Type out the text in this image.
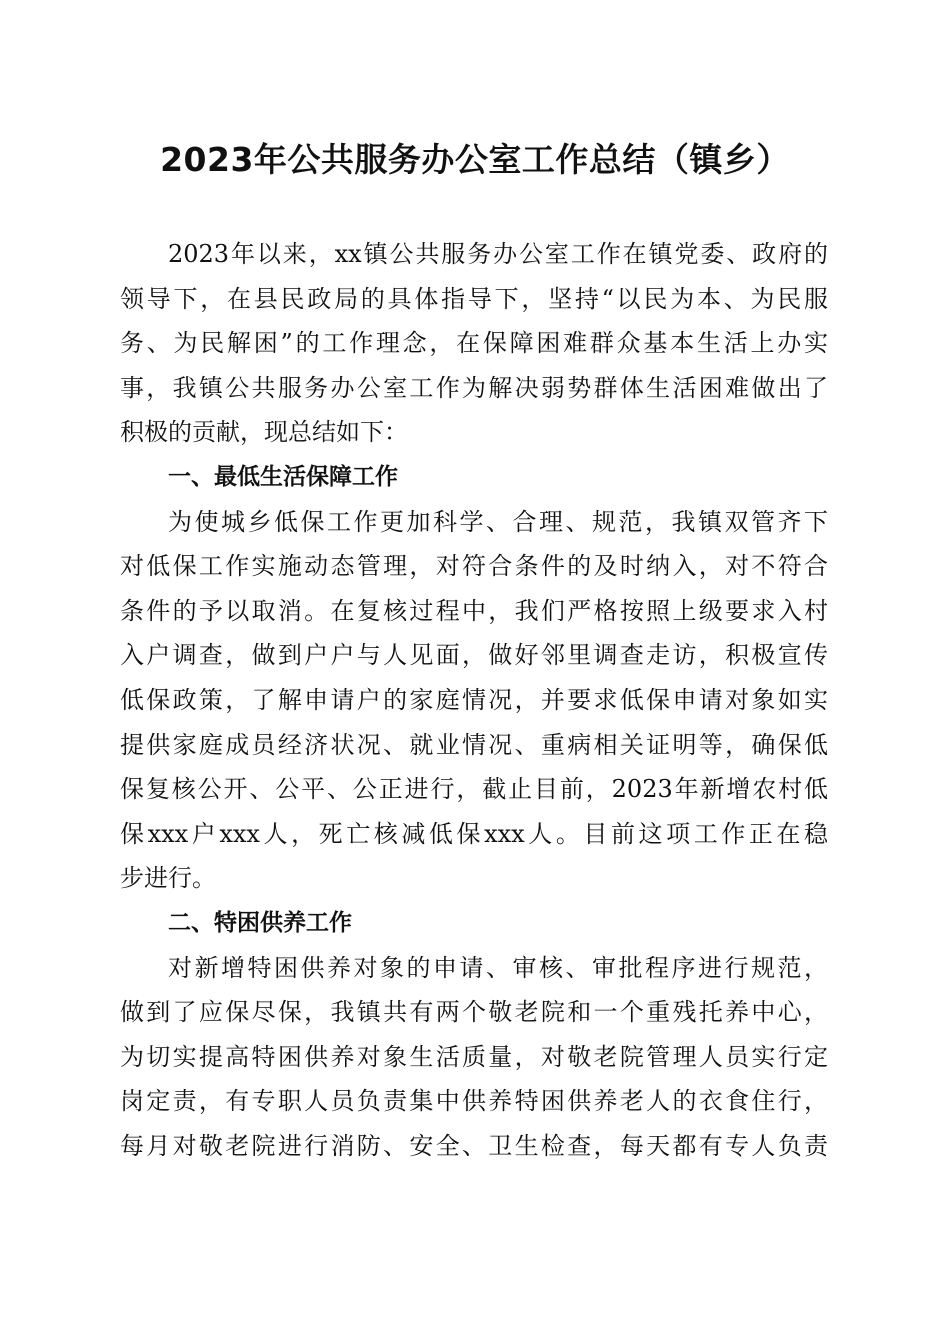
2023年公共服务办公室工作总结（镇乡）
2023年以来，xx镇公共服务办公室工作在镇党委、政府的
领导下，在县民政局的具体指导下，坚持“以民为本、为民服
务、为民解困”的工作理念，在保障困难群众基本生活上办实
事，我镇公共服务办公室工作为解决弱势群体生活困难做出了
积极的贡献，现总结如下：
一、最低生活保障工作
为使城乡低保工作更加科学、合理、规范，我镇双管齐下
对低保工作实施动态管理，对符合条件的及时纳入，对不符合
条件的予以取消。在复核过程中，我们严格按照上级要求入村
入户调查，做到户户与人见面，做好邻里调查走访，积极宣传
低保政策，了解申请户的家庭情况，并要求低保申请对象如实
提供家庭成员经济状况、就业情况、重病相关证明等，确保低
保复核公开、公平、公正进行，截止目前，2023年新增农村低
保xxx户xxx人，死亡核减低保xxx人。目前这项工作正在稳
步进行。
二、特困供养工作
对新增特困供养对象的申请、审核、审批程序进行规范，
做到了应保尽保，我镇共有两个敬老院和一个重残托养中心，
为切实提高特困供养对象生活质量，对敬老院管理人员实行定
岗定责，有专职人员负责集中供养特困供养老人的衣食住行，
每月对敬老院进行消防、安全、卫生检查，每天都有专人负责
